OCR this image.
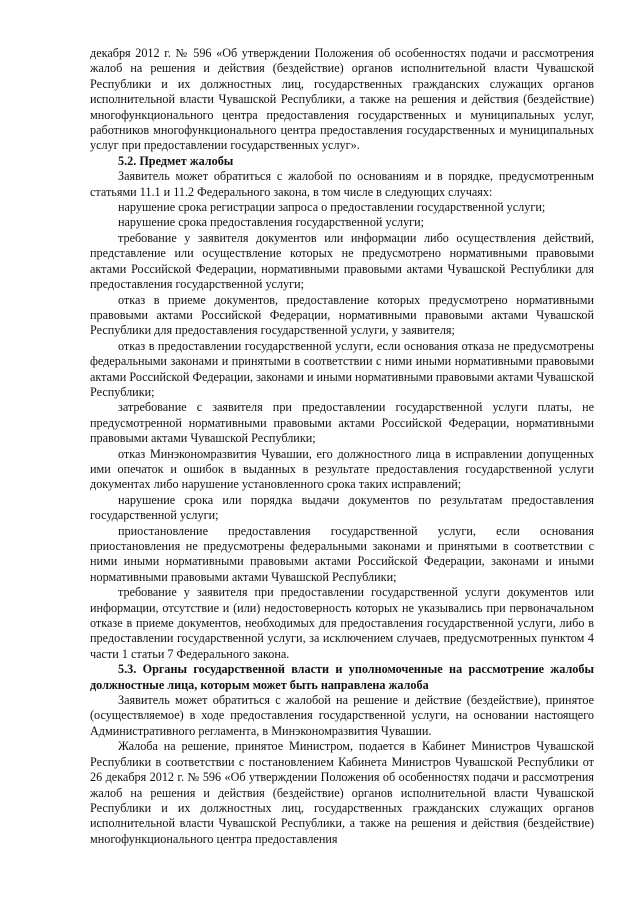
декабря 2012 г. № 596 «Об утверждении Положения об особенностях подачи и рассмотрения жалоб на решения и действия (бездействие) органов исполнительной власти Чувашской Республики и их должностных лиц, государственных гражданских служащих органов исполнительной власти Чувашской Республики, а также на решения и действия (бездействие) многофункционального центра предоставления государственных и муниципальных услуг, работников многофункционального центра предоставления государственных и муниципальных услуг при предоставлении государственных услуг».

5.2. Предмет жалобы

Заявитель может обратиться с жалобой по основаниям и в порядке, предусмотренным статьями 11.1 и 11.2 Федерального закона, в том числе в следующих случаях:

нарушение срока регистрации запроса о предоставлении государственной услуги;

нарушение срока предоставления государственной услуги;

требование у заявителя документов или информации либо осуществления действий, представление или осуществление которых не предусмотрено нормативными правовыми актами Российской Федерации, нормативными правовыми актами Чувашской Республики для предоставления государственной услуги;

отказ в приеме документов, предоставление которых предусмотрено нормативными правовыми актами Российской Федерации, нормативными правовыми актами Чувашской Республики для предоставления государственной услуги, у заявителя;

отказ в предоставлении государственной услуги, если основания отказа не предусмотрены федеральными законами и принятыми в соответствии с ними иными нормативными правовыми актами Российской Федерации, законами и иными нормативными правовыми актами Чувашской Республики;

затребование с заявителя при предоставлении государственной услуги платы, не предусмотренной нормативными правовыми актами Российской Федерации, нормативными правовыми актами Чувашской Республики;

отказ Минэкономразвития Чувашии, его должностного лица в исправлении допущенных ими опечаток и ошибок в выданных в результате предоставления государственной услуги документах либо нарушение установленного срока таких исправлений;

нарушение срока или порядка выдачи документов по результатам предоставления государственной услуги;

приостановление предоставления государственной услуги, если основания приостановления не предусмотрены федеральными законами и принятыми в соответствии с ними иными нормативными правовыми актами Российской Федерации, законами и иными нормативными правовыми актами Чувашской Республики;

требование у заявителя при предоставлении государственной услуги документов или информации, отсутствие и (или) недостоверность которых не указывались при первоначальном отказе в приеме документов, необходимых для предоставления государственной услуги, либо в предоставлении государственной услуги, за исключением случаев, предусмотренных пунктом 4 части 1 статьи 7 Федерального закона.

5.3. Органы государственной власти и уполномоченные на рассмотрение жалобы должностные лица, которым может быть направлена жалоба

Заявитель может обратиться с жалобой на решение и действие (бездействие), принятое (осуществляемое) в ходе предоставления государственной услуги, на основании настоящего Административного регламента, в Минэкономразвития Чувашии.

Жалоба на решение, принятое Министром, подается в Кабинет Министров Чувашской Республики в соответствии с постановлением Кабинета Министров Чувашской Республики от 26 декабря 2012 г. № 596 «Об утверждении Положения об особенностях подачи и рассмотрения жалоб на решения и действия (бездействие) органов исполнительной власти Чувашской Республики и их должностных лиц, государственных гражданских служащих органов исполнительной власти Чувашской Республики, а также на решения и действия (бездействие) многофункционального центра предоставления
